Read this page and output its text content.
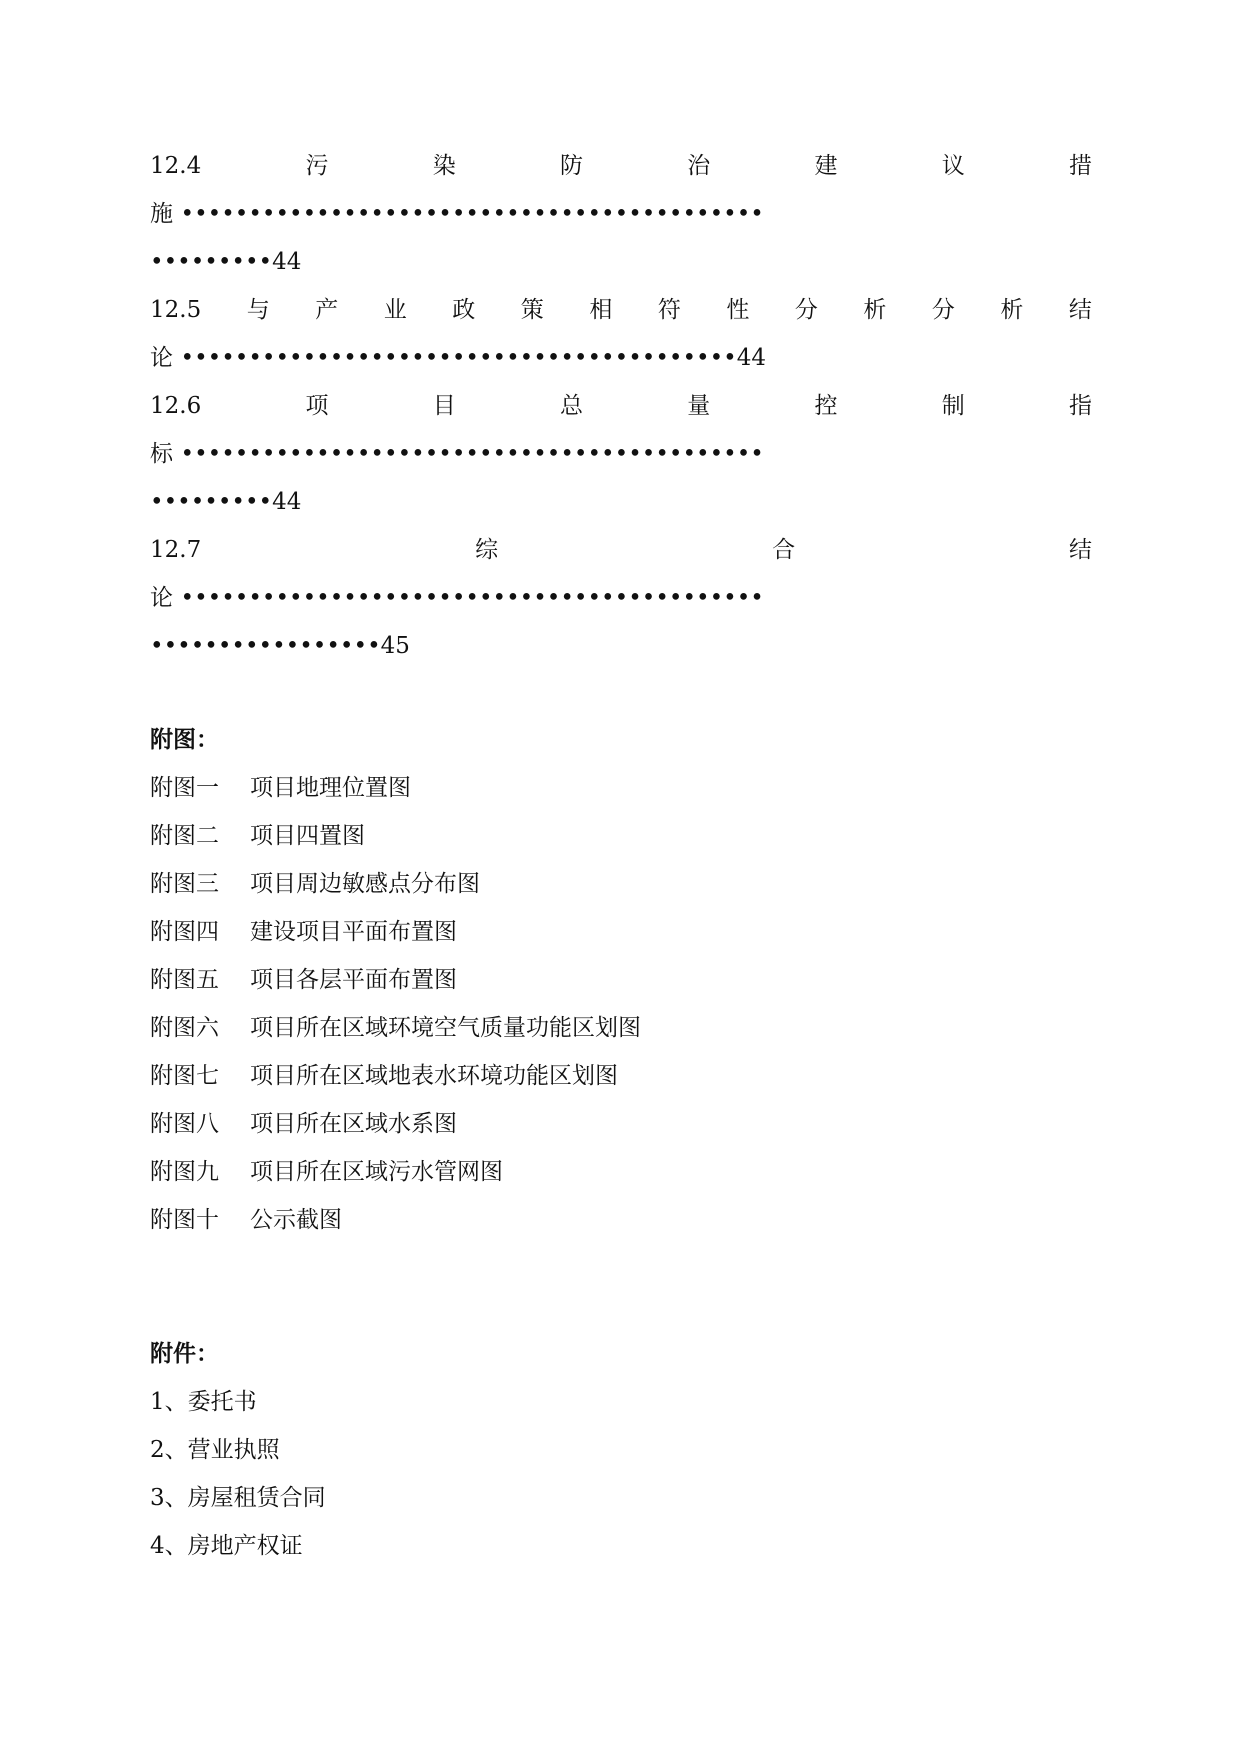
12.4	污	染	防	治	建	议	措
施•••••••••••••••••••••••••••••••••••••••••••
•••••••••44
12.5 与 产 业 政 策 相 符 性 分 析 分 析 结
论•••••••••••••••••••••••••••••••••••••••••44
12.6	项	目	总	量	控	制	指
标•••••••••••••••••••••••••••••••••••••••••••
•••••••••44
12.7	综	合	结
论•••••••••••••••••••••••••••••••••••••••••••
•••••••••••••••••45
附图：
附图一 项目地理位置图
附图二 项目四置图
附图三 项目周边敏感点分布图
附图四 建设项目平面布置图
附图五 项目各层平面布置图
附图六 项目所在区域环境空气质量功能区划图
附图七 项目所在区域地表水环境功能区划图
附图八 项目所在区域水系图
附图九 项目所在区域污水管网图
附图十 公示截图
附件：
1、委托书
2、营业执照
3、房屋租赁合同
4、房地产权证
